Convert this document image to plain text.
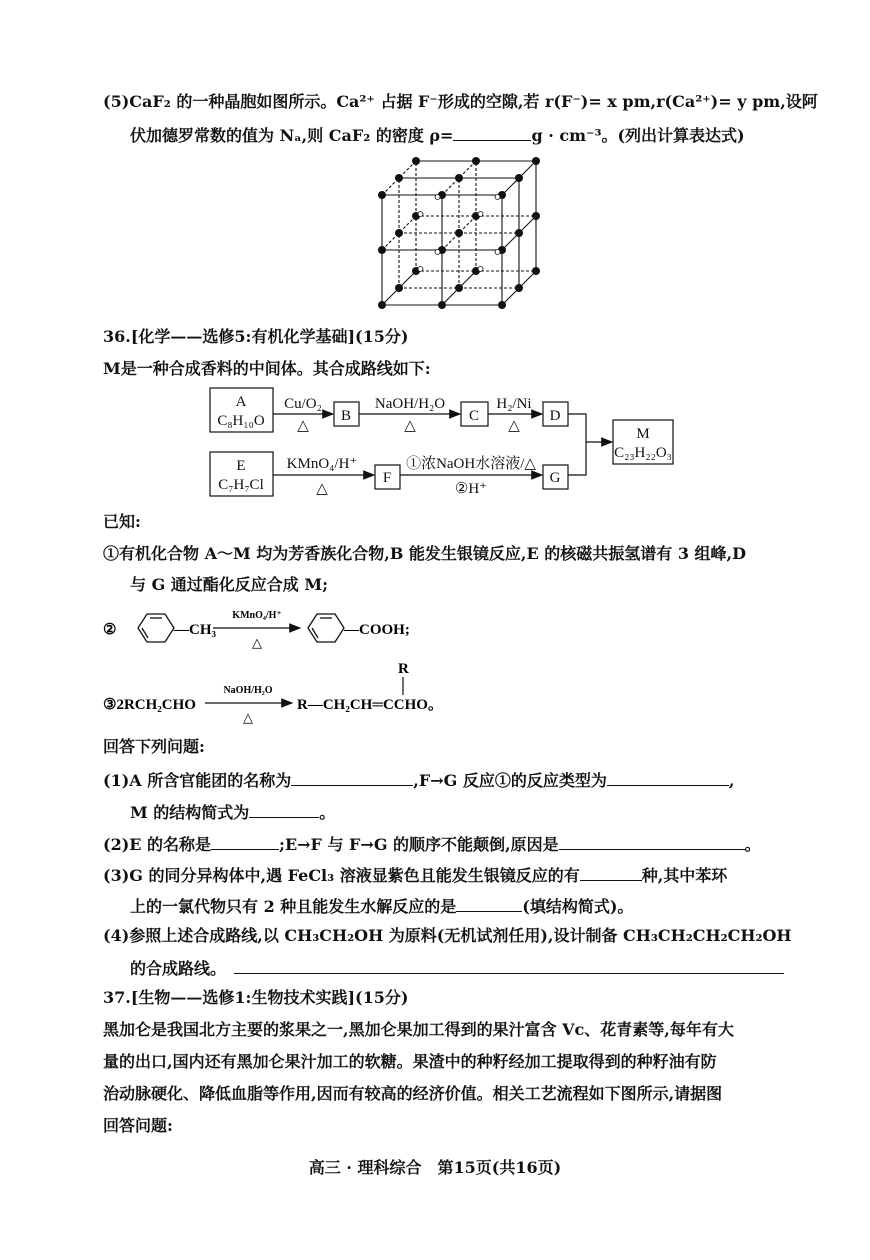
(5)CaF₂ 的一种晶胞如图所示。Ca²⁺ 占据 F⁻形成的空隙,若 r(F⁻)= x pm,r(Ca²⁺)= y pm,设阿
伏加德罗常数的值为 Nₐ,则 CaF₂ 的密度 ρ=	g · cm⁻³。(列出计算表达式)
36.[化学——选修5:有机化学基础](15分)
M是一种合成香料的中间体。其合成路线如下:
A
C₈H₁₀O
Cu/O₂
△
B
NaOH/H₂O
△
C
H₂/Ni
△
D
M
C₂₃H₂₂O₃
E
C₇H₇Cl
KMnO₄/H⁺
△
F
①浓NaOH水溶液/△
②H⁺
G
已知:
①有机化合物 A～M 均为芳香族化合物,B 能发生银镜反应,E 的核磁共振氢谱有 3 组峰,D
与 G 通过酯化反应合成 M;
②	—CH₃
KMnO₄/H⁺
△
—COOH;
③2RCH₂CHO
NaOH/H₂O
△
R—CH₂CH═CCHO。
R
回答下列问题:
(1)A 所含官能团的名称为	,F→G 反应①的反应类型为	,
M 的结构简式为	。
(2)E 的名称是	;E→F 与 F→G 的顺序不能颠倒,原因是	。
(3)G 的同分异构体中,遇 FeCl₃ 溶液显紫色且能发生银镜反应的有	种,其中苯环
上的一氯代物只有 2 种且能发生水解反应的是	(填结构简式)。
(4)参照上述合成路线,以 CH₃CH₂OH 为原料(无机试剂任用),设计制备 CH₃CH₂CH₂CH₂OH
的合成路线。
37.[生物——选修1:生物技术实践](15分)
黑加仑是我国北方主要的浆果之一,黑加仑果加工得到的果汁富含 Vc、花青素等,每年有大
量的出口,国内还有黑加仑果汁加工的软糖。果渣中的种籽经加工提取得到的种籽油有防
治动脉硬化、降低血脂等作用,因而有较高的经济价值。相关工艺流程如下图所示,请据图
回答问题:
高三 · 理科综合　第15页(共16页)
